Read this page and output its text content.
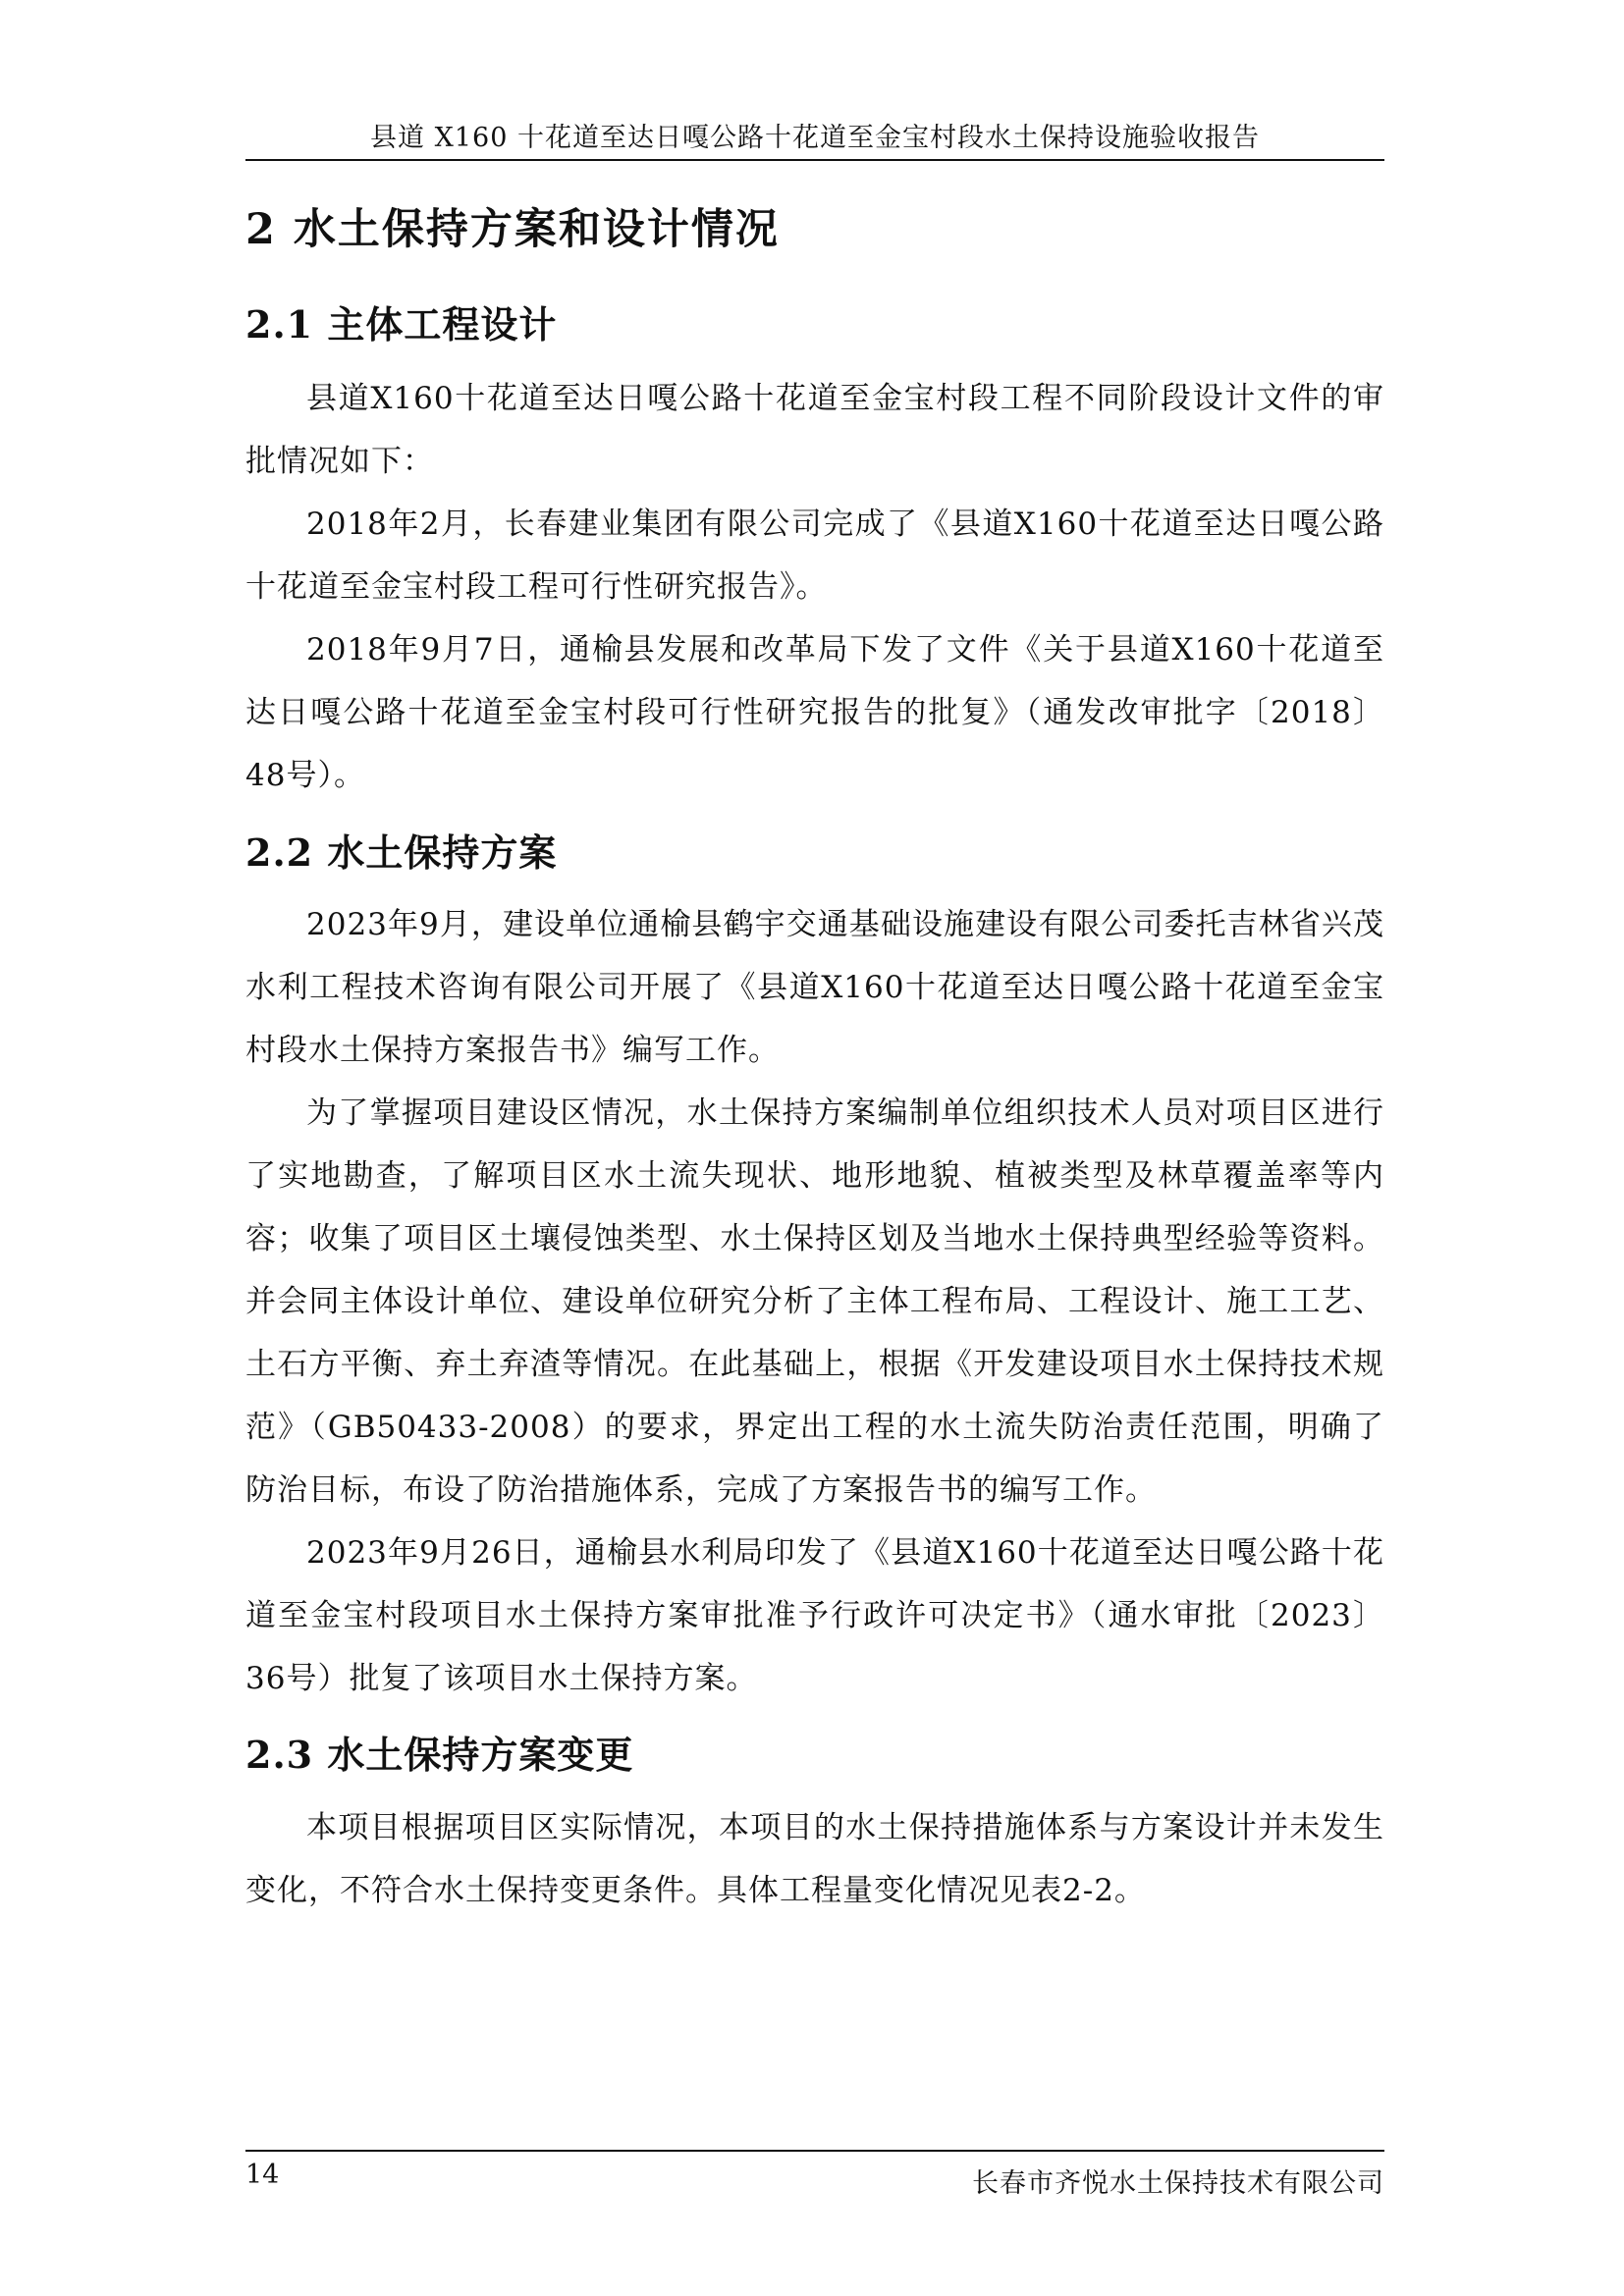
县道 X160 十花道至达日嘎公路十花道至金宝村段水土保持设施验收报告
2 水土保持方案和设计情况
2.1 主体工程设计
县道X160十花道至达日嘎公路十花道至金宝村段工程不同阶段设计文件的审批情况如下：
2018年2月，长春建业集团有限公司完成了《县道X160十花道至达日嘎公路十花道至金宝村段工程可行性研究报告》。
2018年9月7日，通榆县发展和改革局下发了文件《关于县道X160十花道至达日嘎公路十花道至金宝村段可行性研究报告的批复》（通发改审批字〔2018〕48号）。
2.2 水土保持方案
2023年9月，建设单位通榆县鹤宇交通基础设施建设有限公司委托吉林省兴茂水利工程技术咨询有限公司开展了《县道X160十花道至达日嘎公路十花道至金宝村段水土保持方案报告书》编写工作。
为了掌握项目建设区情况，水土保持方案编制单位组织技术人员对项目区进行了实地勘查，了解项目区水土流失现状、地形地貌、植被类型及林草覆盖率等内容；收集了项目区土壤侵蚀类型、水土保持区划及当地水土保持典型经验等资料。并会同主体设计单位、建设单位研究分析了主体工程布局、工程设计、施工工艺、土石方平衡、弃土弃渣等情况。在此基础上，根据《开发建设项目水土保持技术规范》（GB50433-2008）的要求，界定出工程的水土流失防治责任范围，明确了防治目标，布设了防治措施体系，完成了方案报告书的编写工作。
2023年9月26日，通榆县水利局印发了《县道X160十花道至达日嘎公路十花道至金宝村段项目水土保持方案审批准予行政许可决定书》（通水审批〔2023〕36号）批复了该项目水土保持方案。
2.3 水土保持方案变更
本项目根据项目区实际情况，本项目的水土保持措施体系与方案设计并未发生变化，不符合水土保持变更条件。具体工程量变化情况见表2-2。
14	长春市齐悦水土保持技术有限公司
